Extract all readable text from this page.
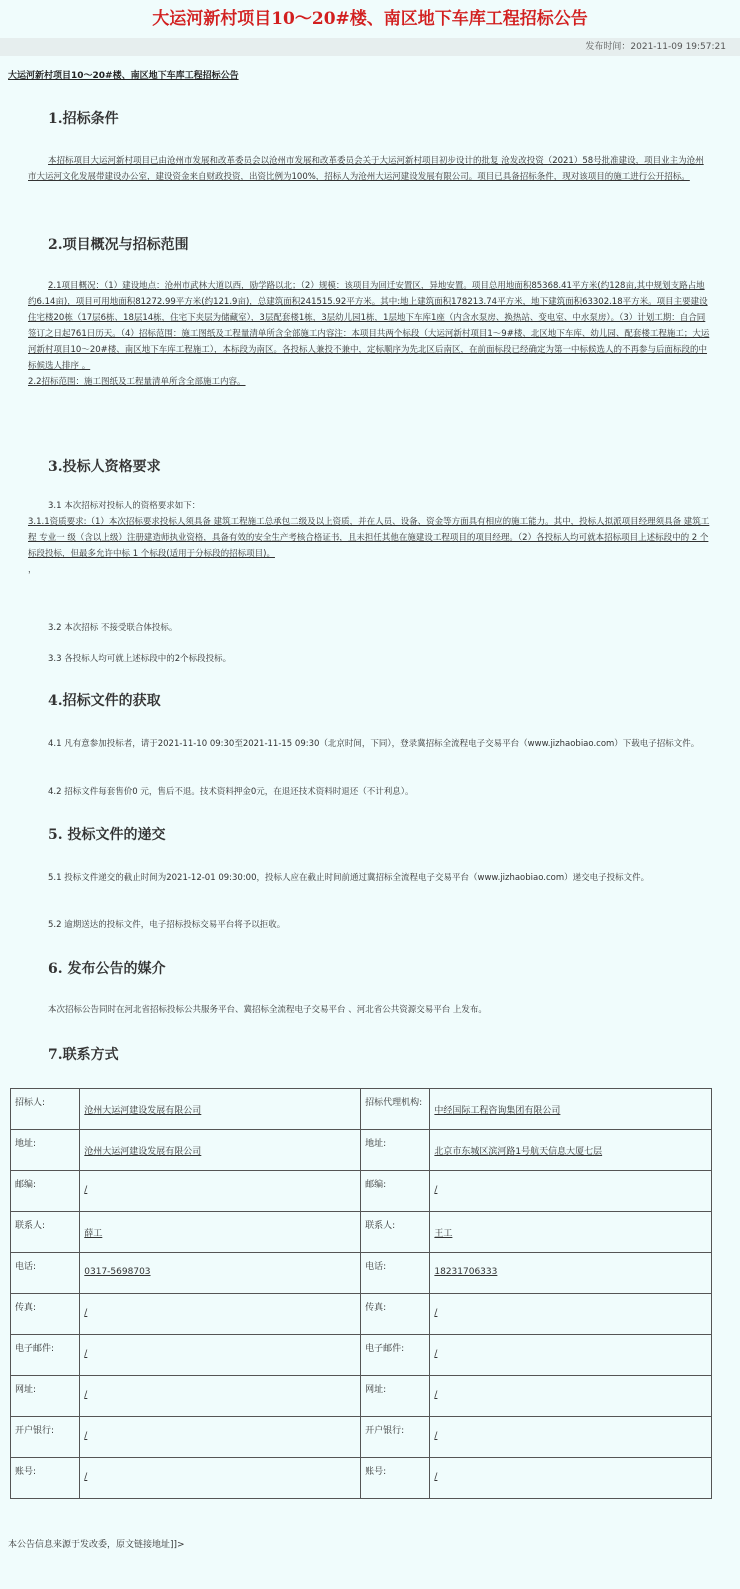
大运河新村项目10～20#楼、南区地下车库工程招标公告
发布时间：2021-11-09 19:57:21
大运河新村项目10～20#楼、南区地下车库工程招标公告
1.招标条件

本招标项目大运河新村项目已由沧州市发展和改革委员会以沧州市发展和改革委员会关于大运河新村项目初步设计的批复 沧发改投资（2021）58号批准建设，项目业主为沧州市大运河文化发展带建设办公室，建设资金来自财政投资，出资比例为100%，招标人为沧州大运河建设发展有限公司。项目已具备招标条件，现对该项目的施工进行公开招标。

2.项目概况与招标范围

2.1项目概况：（1）建设地点：沧州市武林大道以西，励学路以北；（2）规模：该项目为回迁安置区，异地安置。项目总用地面积85368.41平方米(约128亩,其中规划支路占地约6.14亩)，项目可用地面积81272.99平方米(约121.9亩)，总建筑面积241515.92平方米。其中:地上建筑面积178213.74平方米，地下建筑面积63302.18平方米。项目主要建设住宅楼20栋（17层6栋、18层14栋，住宅下夹层为储藏室），3层配套楼1栋，3层幼儿园1栋，1层地下车库1座（内含水泵房、换热站、变电室、中水泵房）。（3）计划工期：自合同签订之日起761日历天。（4）招标范围：施工图纸及工程量清单所含全部施工内容注：本项目共两个标段（大运河新村项目1～9#楼、北区地下车库、幼儿园、配套楼工程施工；大运河新村项目10～20#楼、南区地下车库工程施工），本标段为南区。各投标人兼投不兼中，定标顺序为先北区后南区，在前面标段已经确定为第一中标候选人的不再参与后面标段的中标候选人排序 。

2.2招标范围：施工图纸及工程量清单所含全部施工内容。

3.投标人资格要求

3.1 本次招标对投标人的资格要求如下：

3.1.1资质要求:（1）本次招标要求投标人须具备 建筑工程施工总承包二级及以上资质，并在人员、设备、资金等方面具有相应的施工能力。其中，投标人拟派项目经理须具备 建筑工程 专业一 级（含以上级）注册建造师执业资格，具备有效的安全生产考核合格证书，且未担任其他在施建设工程项目的项目经理。（2）各投标人均可就本招标项目上述标段中的 2 个标段投标，但最多允许中标 1 个标段(适用于分标段的招标项目)。

，

3.2 本次招标 不接受联合体投标。

3.3 各投标人均可就上述标段中的2个标段投标。

4.招标文件的获取

4.1 凡有意参加投标者，请于2021-11-10 09:30至2021-11-15 09:30（北京时间，下同），登录冀招标全流程电子交易平台（www.jizhaobiao.com）下载电子招标文件。

4.2 招标文件每套售价0 元，售后不退。技术资料押金0元，在退还技术资料时退还（不计利息）。

5. 投标文件的递交

5.1 投标文件递交的截止时间为2021-12-01 09:30:00，投标人应在截止时间前通过冀招标全流程电子交易平台（www.jizhaobiao.com）递交电子投标文件。

5.2 逾期送达的投标文件，电子招标投标交易平台将予以拒收。

6. 发布公告的媒介

本次招标公告同时在河北省招标投标公共服务平台、冀招标全流程电子交易平台 、河北省公共资源交易平台 上发布。

7.联系方式
招标人:	沧州大运河建设发展有限公司	招标代理机构:	中经国际工程咨询集团有限公司
地址:	沧州大运河建设发展有限公司	地址:	北京市东城区滨河路1号航天信息大厦七层
邮编:	/	邮编:	/
联系人:	薛工	联系人:	王工
电话:	0317-5698703	电话:	18231706333
传真:	/	传真:	/
电子邮件:	/	电子邮件:	/
网址:	/	网址:	/
开户银行:	/	开户银行:	/
账号:	/	账号:	/
本公告信息来源于发改委，原文链接地址]]>
